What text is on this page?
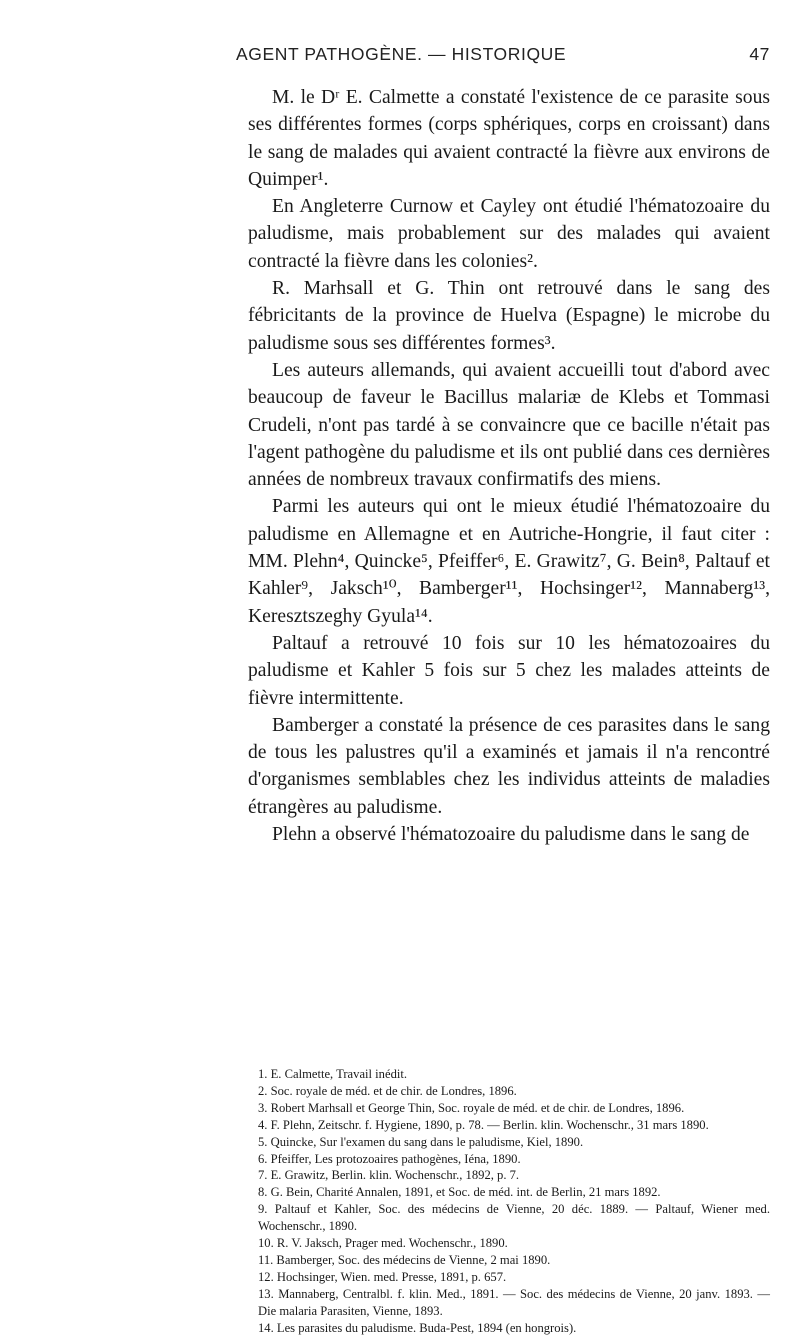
AGENT PATHOGÈNE. — HISTORIQUE	47

M. le Dʳ E. Calmette a constaté l'existence de ce parasite sous ses différentes formes (corps sphériques, corps en croissant) dans le sang de malades qui avaient contracté la fièvre aux environs de Quimper¹.

En Angleterre Curnow et Cayley ont étudié l'hématozoaire du paludisme, mais probablement sur des malades qui avaient contracté la fièvre dans les colonies².

R. Marhsall et G. Thin ont retrouvé dans le sang des fébricitants de la province de Huelva (Espagne) le microbe du paludisme sous ses différentes formes³.

Les auteurs allemands, qui avaient accueilli tout d'abord avec beaucoup de faveur le Bacillus malariæ de Klebs et Tommasi Crudeli, n'ont pas tardé à se convaincre que ce bacille n'était pas l'agent pathogène du paludisme et ils ont publié dans ces dernières années de nombreux travaux confirmatifs des miens.

Parmi les auteurs qui ont le mieux étudié l'hématozoaire du paludisme en Allemagne et en Autriche-Hongrie, il faut citer : MM. Plehn⁴, Quincke⁵, Pfeiffer⁶, E. Grawitz⁷, G. Bein⁸, Paltauf et Kahler⁹, Jaksch¹⁰, Bamberger¹¹, Hochsinger¹², Mannaberg¹³, Keresztszeghy Gyula¹⁴.

Paltauf a retrouvé 10 fois sur 10 les hématozoaires du paludisme et Kahler 5 fois sur 5 chez les malades atteints de fièvre intermittente.

Bamberger a constaté la présence de ces parasites dans le sang de tous les palustres qu'il a examinés et jamais il n'a rencontré d'organismes semblables chez les individus atteints de maladies étrangères au paludisme.

Plehn a observé l'hématozoaire du paludisme dans le sang de

1. E. Calmette, Travail inédit.
2. Soc. royale de méd. et de chir. de Londres, 1896.
3. Robert Marhsall et George Thin, Soc. royale de méd. et de chir. de Londres, 1896.
4. F. Plehn, Zeitschr. f. Hygiene, 1890, p. 78. — Berlin. klin. Wochenschr., 31 mars 1890.
5. Quincke, Sur l'examen du sang dans le paludisme, Kiel, 1890.
6. Pfeiffer, Les protozoaires pathogènes, Iéna, 1890.
7. E. Grawitz, Berlin. klin. Wochenschr., 1892, p. 7.
8. G. Bein, Charité Annalen, 1891, et Soc. de méd. int. de Berlin, 21 mars 1892.
9. Paltauf et Kahler, Soc. des médecins de Vienne, 20 déc. 1889. — Paltauf, Wiener med. Wochenschr., 1890.
10. R. V. Jaksch, Prager med. Wochenschr., 1890.
11. Bamberger, Soc. des médecins de Vienne, 2 mai 1890.
12. Hochsinger, Wien. med. Presse, 1891, p. 657.
13. Mannaberg, Centralbl. f. klin. Med., 1891. — Soc. des médecins de Vienne, 20 janv. 1893. — Die malaria Parasiten, Vienne, 1893.
14. Les parasites du paludisme. Buda-Pest, 1894 (en hongrois).
